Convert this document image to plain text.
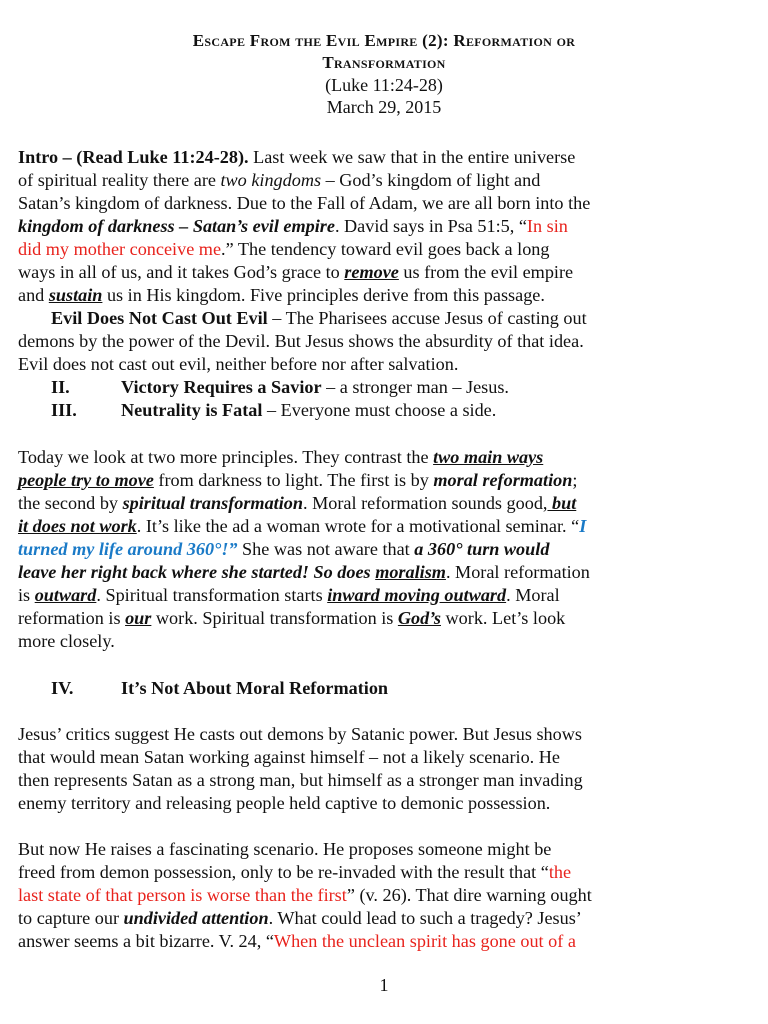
Escape From the Evil Empire (2): Reformation or
Transformation
(Luke 11:24-28)
March 29, 2015
Intro – (Read Luke 11:24-28). Last week we saw that in the entire universe
of spiritual reality there are two kingdoms – God’s kingdom of light and
Satan’s kingdom of darkness. Due to the Fall of Adam, we are all born into the
kingdom of darkness – Satan’s evil empire. David says in Psa 51:5, “In sin
did my mother conceive me.” The tendency toward evil goes back a long
ways in all of us, and it takes God’s grace to remove us from the evil empire
and sustain us in His kingdom. Five principles derive from this passage.
Evil Does Not Cast Out Evil – The Pharisees accuse Jesus of casting out
demons by the power of the Devil. But Jesus shows the absurdity of that idea.
Evil does not cast out evil, neither before nor after salvation.
II.	Victory Requires a Savior – a stronger man – Jesus.
III. Neutrality is Fatal – Everyone must choose a side.
Today we look at two more principles. They contrast the two main ways
people try to move from darkness to light. The first is by moral reformation;
the second by spiritual transformation. Moral reformation sounds good, but
it does not work. It’s like the ad a woman wrote for a motivational seminar. “I
turned my life around 360°!” She was not aware that a 360° turn would
leave her right back where she started! So does moralism. Moral reformation
is outward. Spiritual transformation starts inward moving outward. Moral
reformation is our work. Spiritual transformation is God’s work. Let’s look
more closely.
IV.	It’s Not About Moral Reformation
Jesus’ critics suggest He casts out demons by Satanic power. But Jesus shows
that would mean Satan working against himself – not a likely scenario. He
then represents Satan as a strong man, but himself as a stronger man invading
enemy territory and releasing people held captive to demonic possession.
But now He raises a fascinating scenario. He proposes someone might be
freed from demon possession, only to be re-invaded with the result that “the
last state of that person is worse than the first” (v. 26). That dire warning ought
to capture our undivided attention. What could lead to such a tragedy? Jesus’
answer seems a bit bizarre. V. 24, “When the unclean spirit has gone out of a
1
